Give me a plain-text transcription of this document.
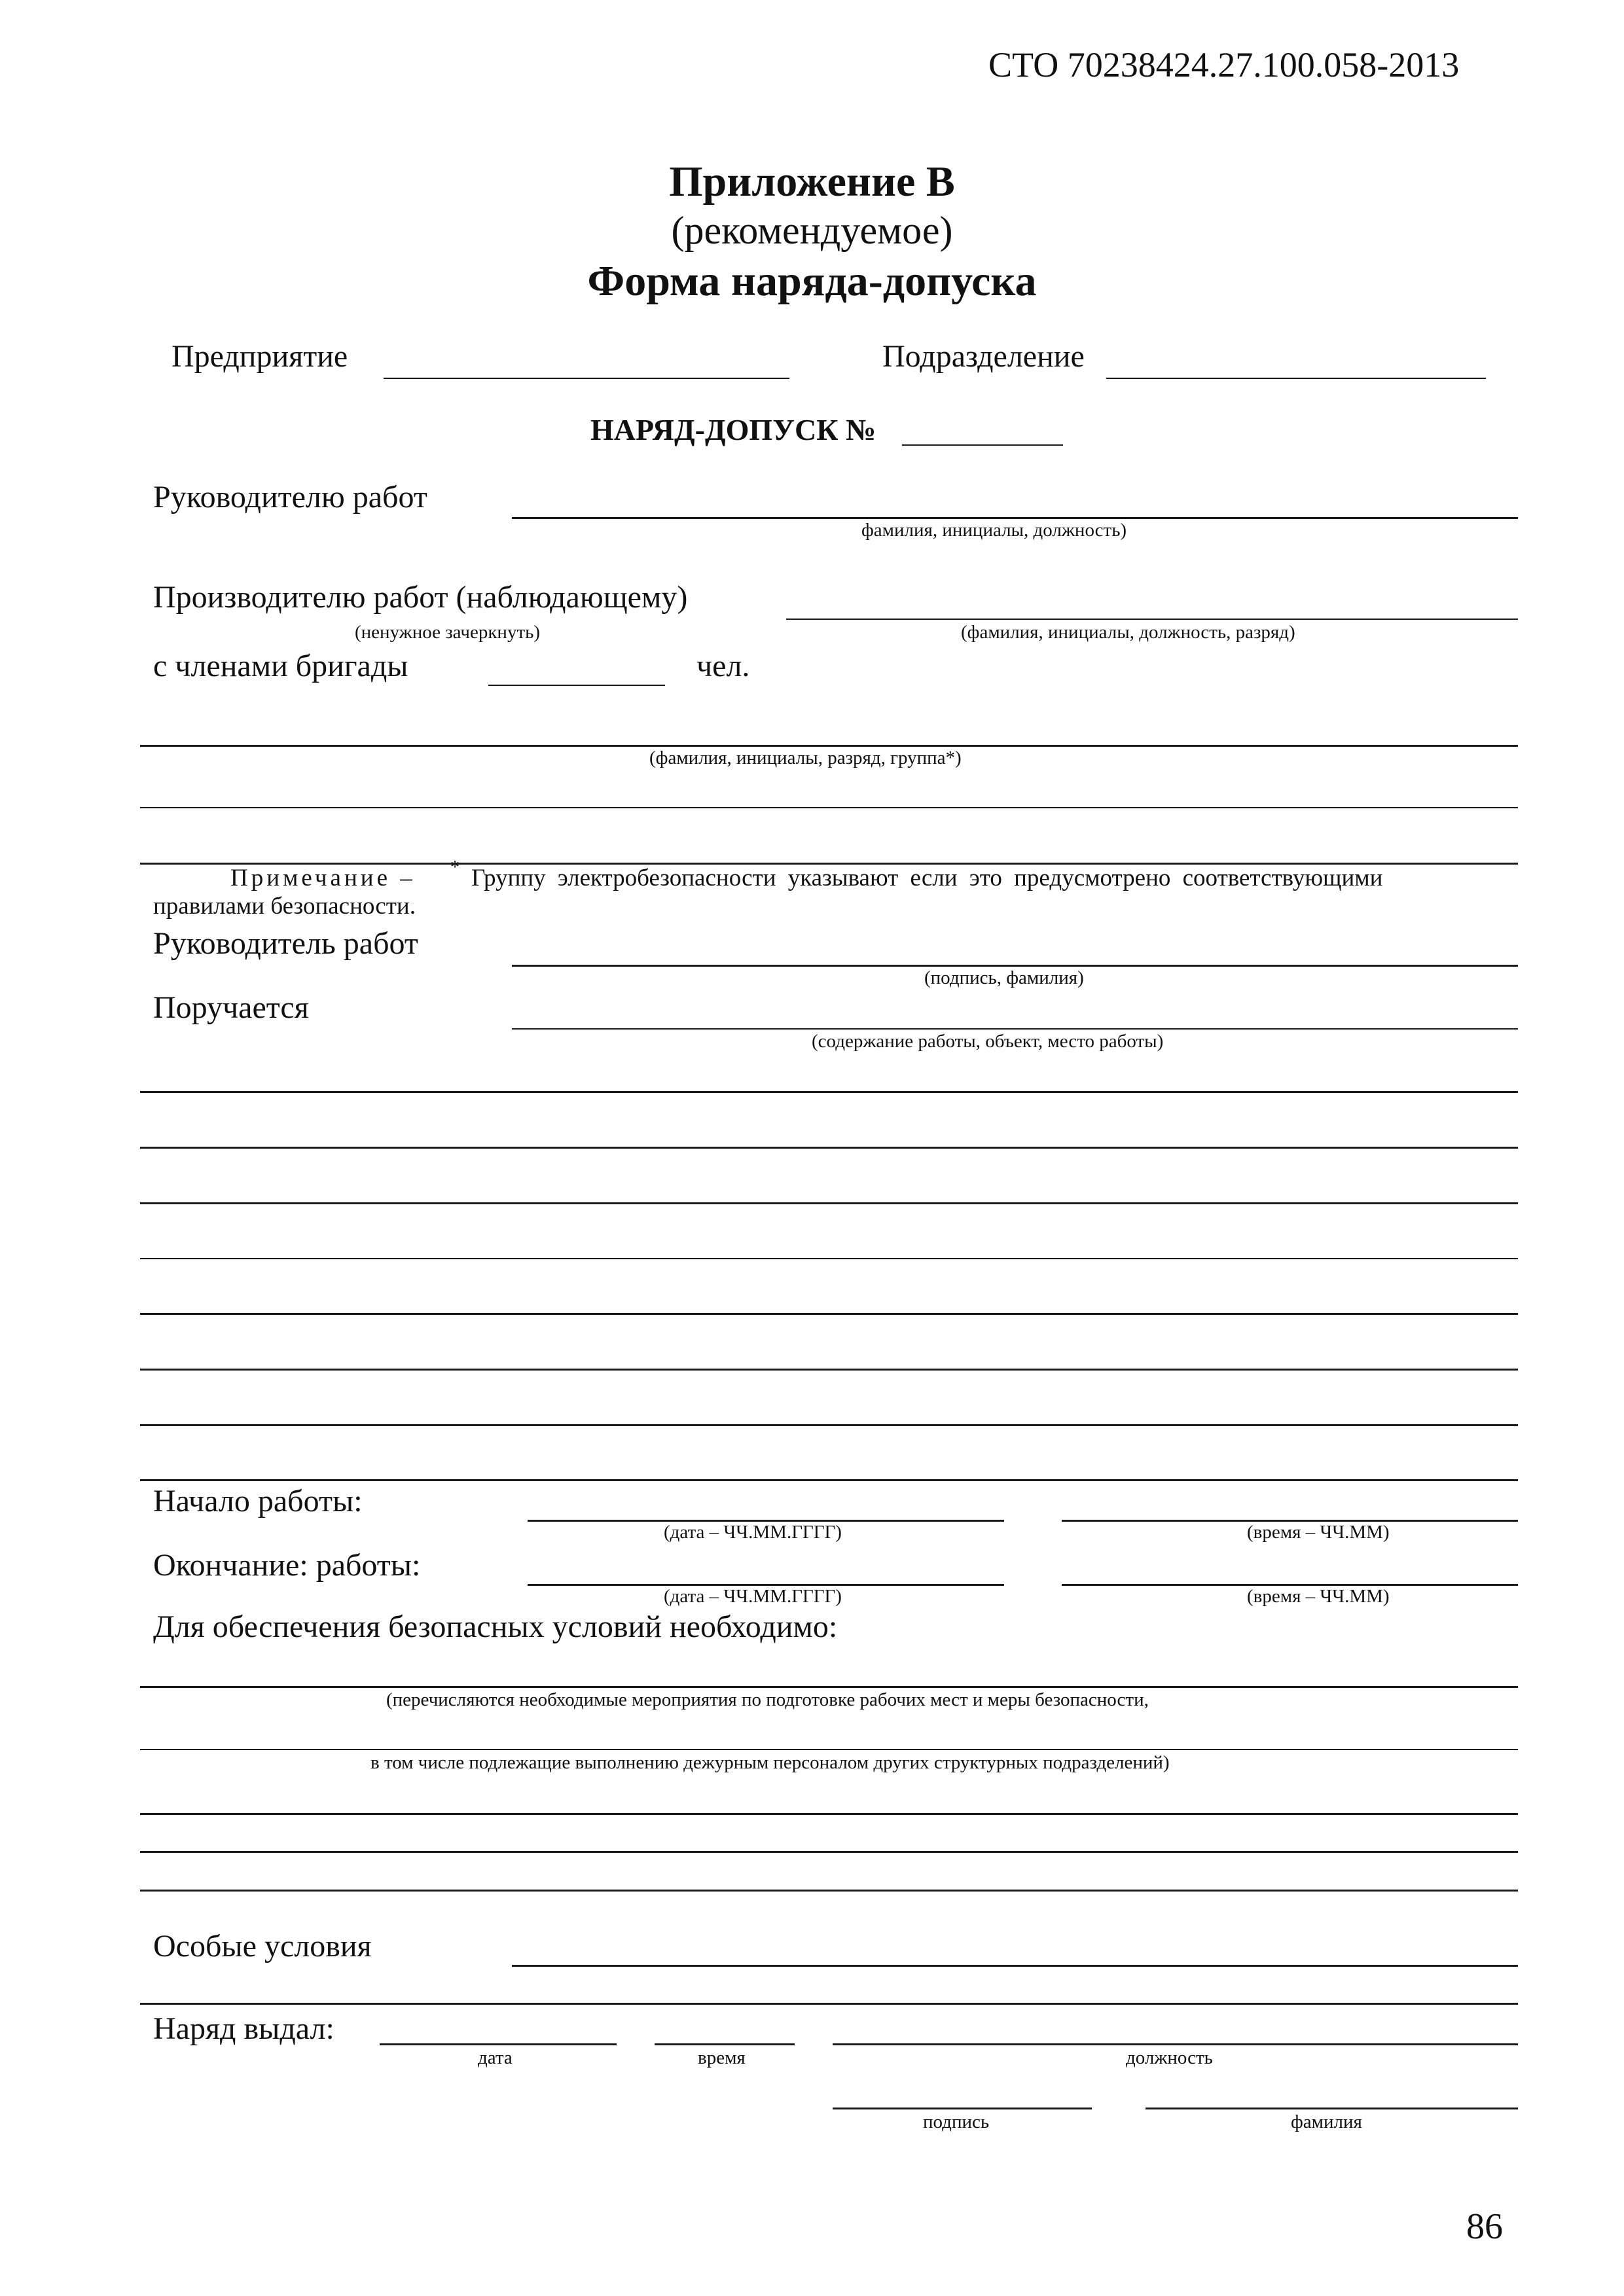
СТО 70238424.27.100.058-2013
Приложение В
(рекомендуемое)
Форма наряда-допуска
Предприятие	Подразделение
НАРЯД-ДОПУСК №
Руководителю работ
фамилия, инициалы, должность)
Производителю работ (наблюдающему)
(ненужное зачеркнуть)	(фамилия, инициалы, должность, разряд)
с членами бригады	чел.
(фамилия, инициалы, разряд, группа*)
Примечание – * Группу электробезопасности указывают если это предусмотрено соответствующими
правилами безопасности.
Руководитель работ
(подпись, фамилия)
Поручается
(содержание работы, объект, место работы)
Начало работы:
(дата – ЧЧ.ММ.ГГГГ)	(время – ЧЧ.ММ)
Окончание: работы:
(дата – ЧЧ.ММ.ГГГГ)	(время – ЧЧ.ММ)
Для обеспечения безопасных условий необходимо:
(перечисляются необходимые мероприятия по подготовке рабочих мест и меры безопасности,
в том числе подлежащие выполнению дежурным персоналом других структурных подразделений)
Особые условия
Наряд выдал:
дата	время	должность
подпись	фамилия
86
